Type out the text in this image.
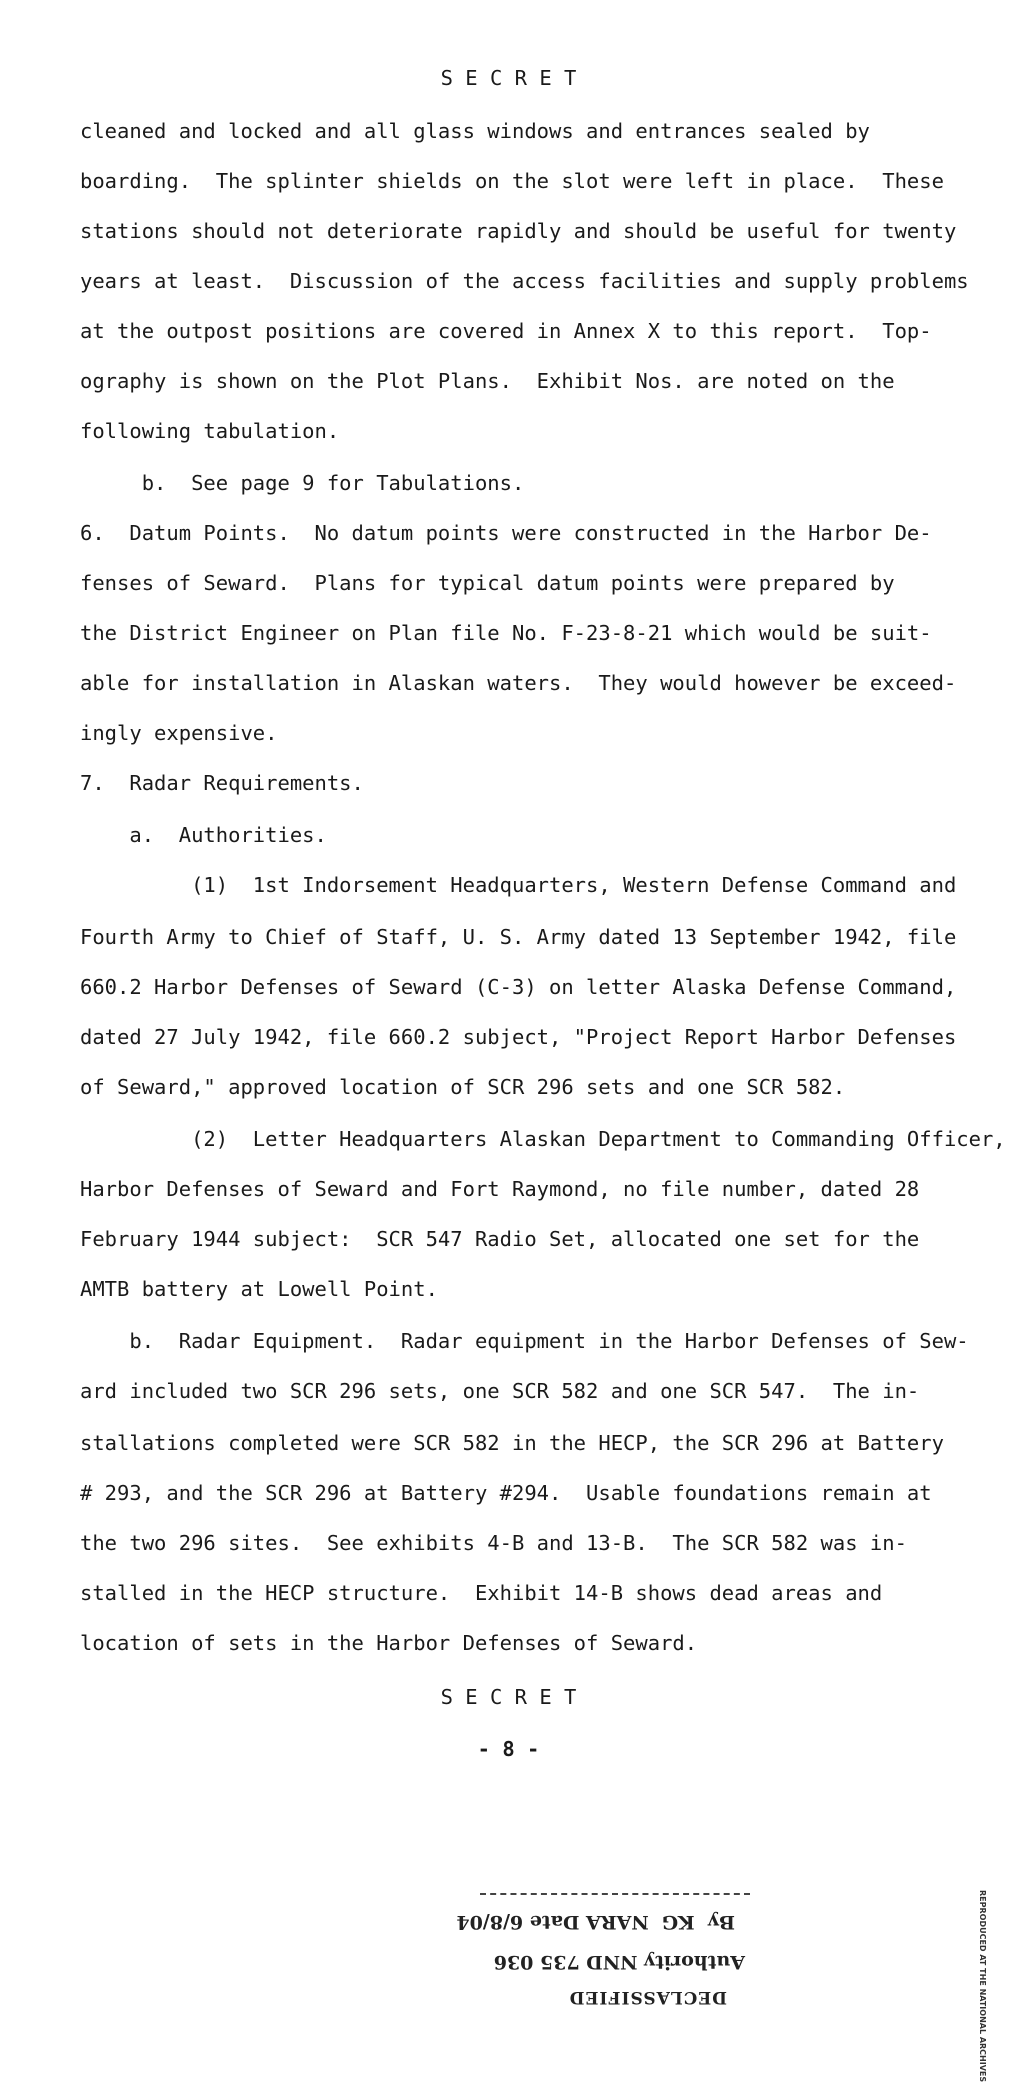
S E C R E T
cleaned and locked and all glass windows and entrances sealed by
boarding.  The splinter shields on the slot were left in place.  These
stations should not deteriorate rapidly and should be useful for twenty
years at least.  Discussion of the access facilities and supply problems
at the outpost positions are covered in Annex X to this report.  Top-
ography is shown on the Plot Plans.  Exhibit Nos. are noted on the
following tabulation.
b.  See page 9 for Tabulations.
6.  Datum Points.  No datum points were constructed in the Harbor De-
fenses of Seward.  Plans for typical datum points were prepared by
the District Engineer on Plan file No. F-23-8-21 which would be suit-
able for installation in Alaskan waters.  They would however be exceed-
ingly expensive.
7.  Radar Requirements.
a.  Authorities.
(1)  1st Indorsement Headquarters, Western Defense Command and
Fourth Army to Chief of Staff, U. S. Army dated 13 September 1942, file
660.2 Harbor Defenses of Seward (C-3) on letter Alaska Defense Command,
dated 27 July 1942, file 660.2 subject, "Project Report Harbor Defenses
of Seward," approved location of SCR 296 sets and one SCR 582.
(2)  Letter Headquarters Alaskan Department to Commanding Officer,
Harbor Defenses of Seward and Fort Raymond, no file number, dated 28
February 1944 subject:  SCR 547 Radio Set, allocated one set for the
AMTB battery at Lowell Point.
b.  Radar Equipment.  Radar equipment in the Harbor Defenses of Sew-
ard included two SCR 296 sets, one SCR 582 and one SCR 547.  The in-
stallations completed were SCR 582 in the HECP, the SCR 296 at Battery
# 293, and the SCR 296 at Battery #294.  Usable foundations remain at
the two 296 sites.  See exhibits 4-B and 13-B.  The SCR 582 was in-
stalled in the HECP structure.  Exhibit 14-B shows dead areas and
location of sets in the Harbor Defenses of Seward.
S E C R E T
- 8 -
DECLASSIFIED
Authority NND 735 036
By  KG  NARA Date 6/8/04	REPRODUCED AT THE NATIONAL ARCHIVES
